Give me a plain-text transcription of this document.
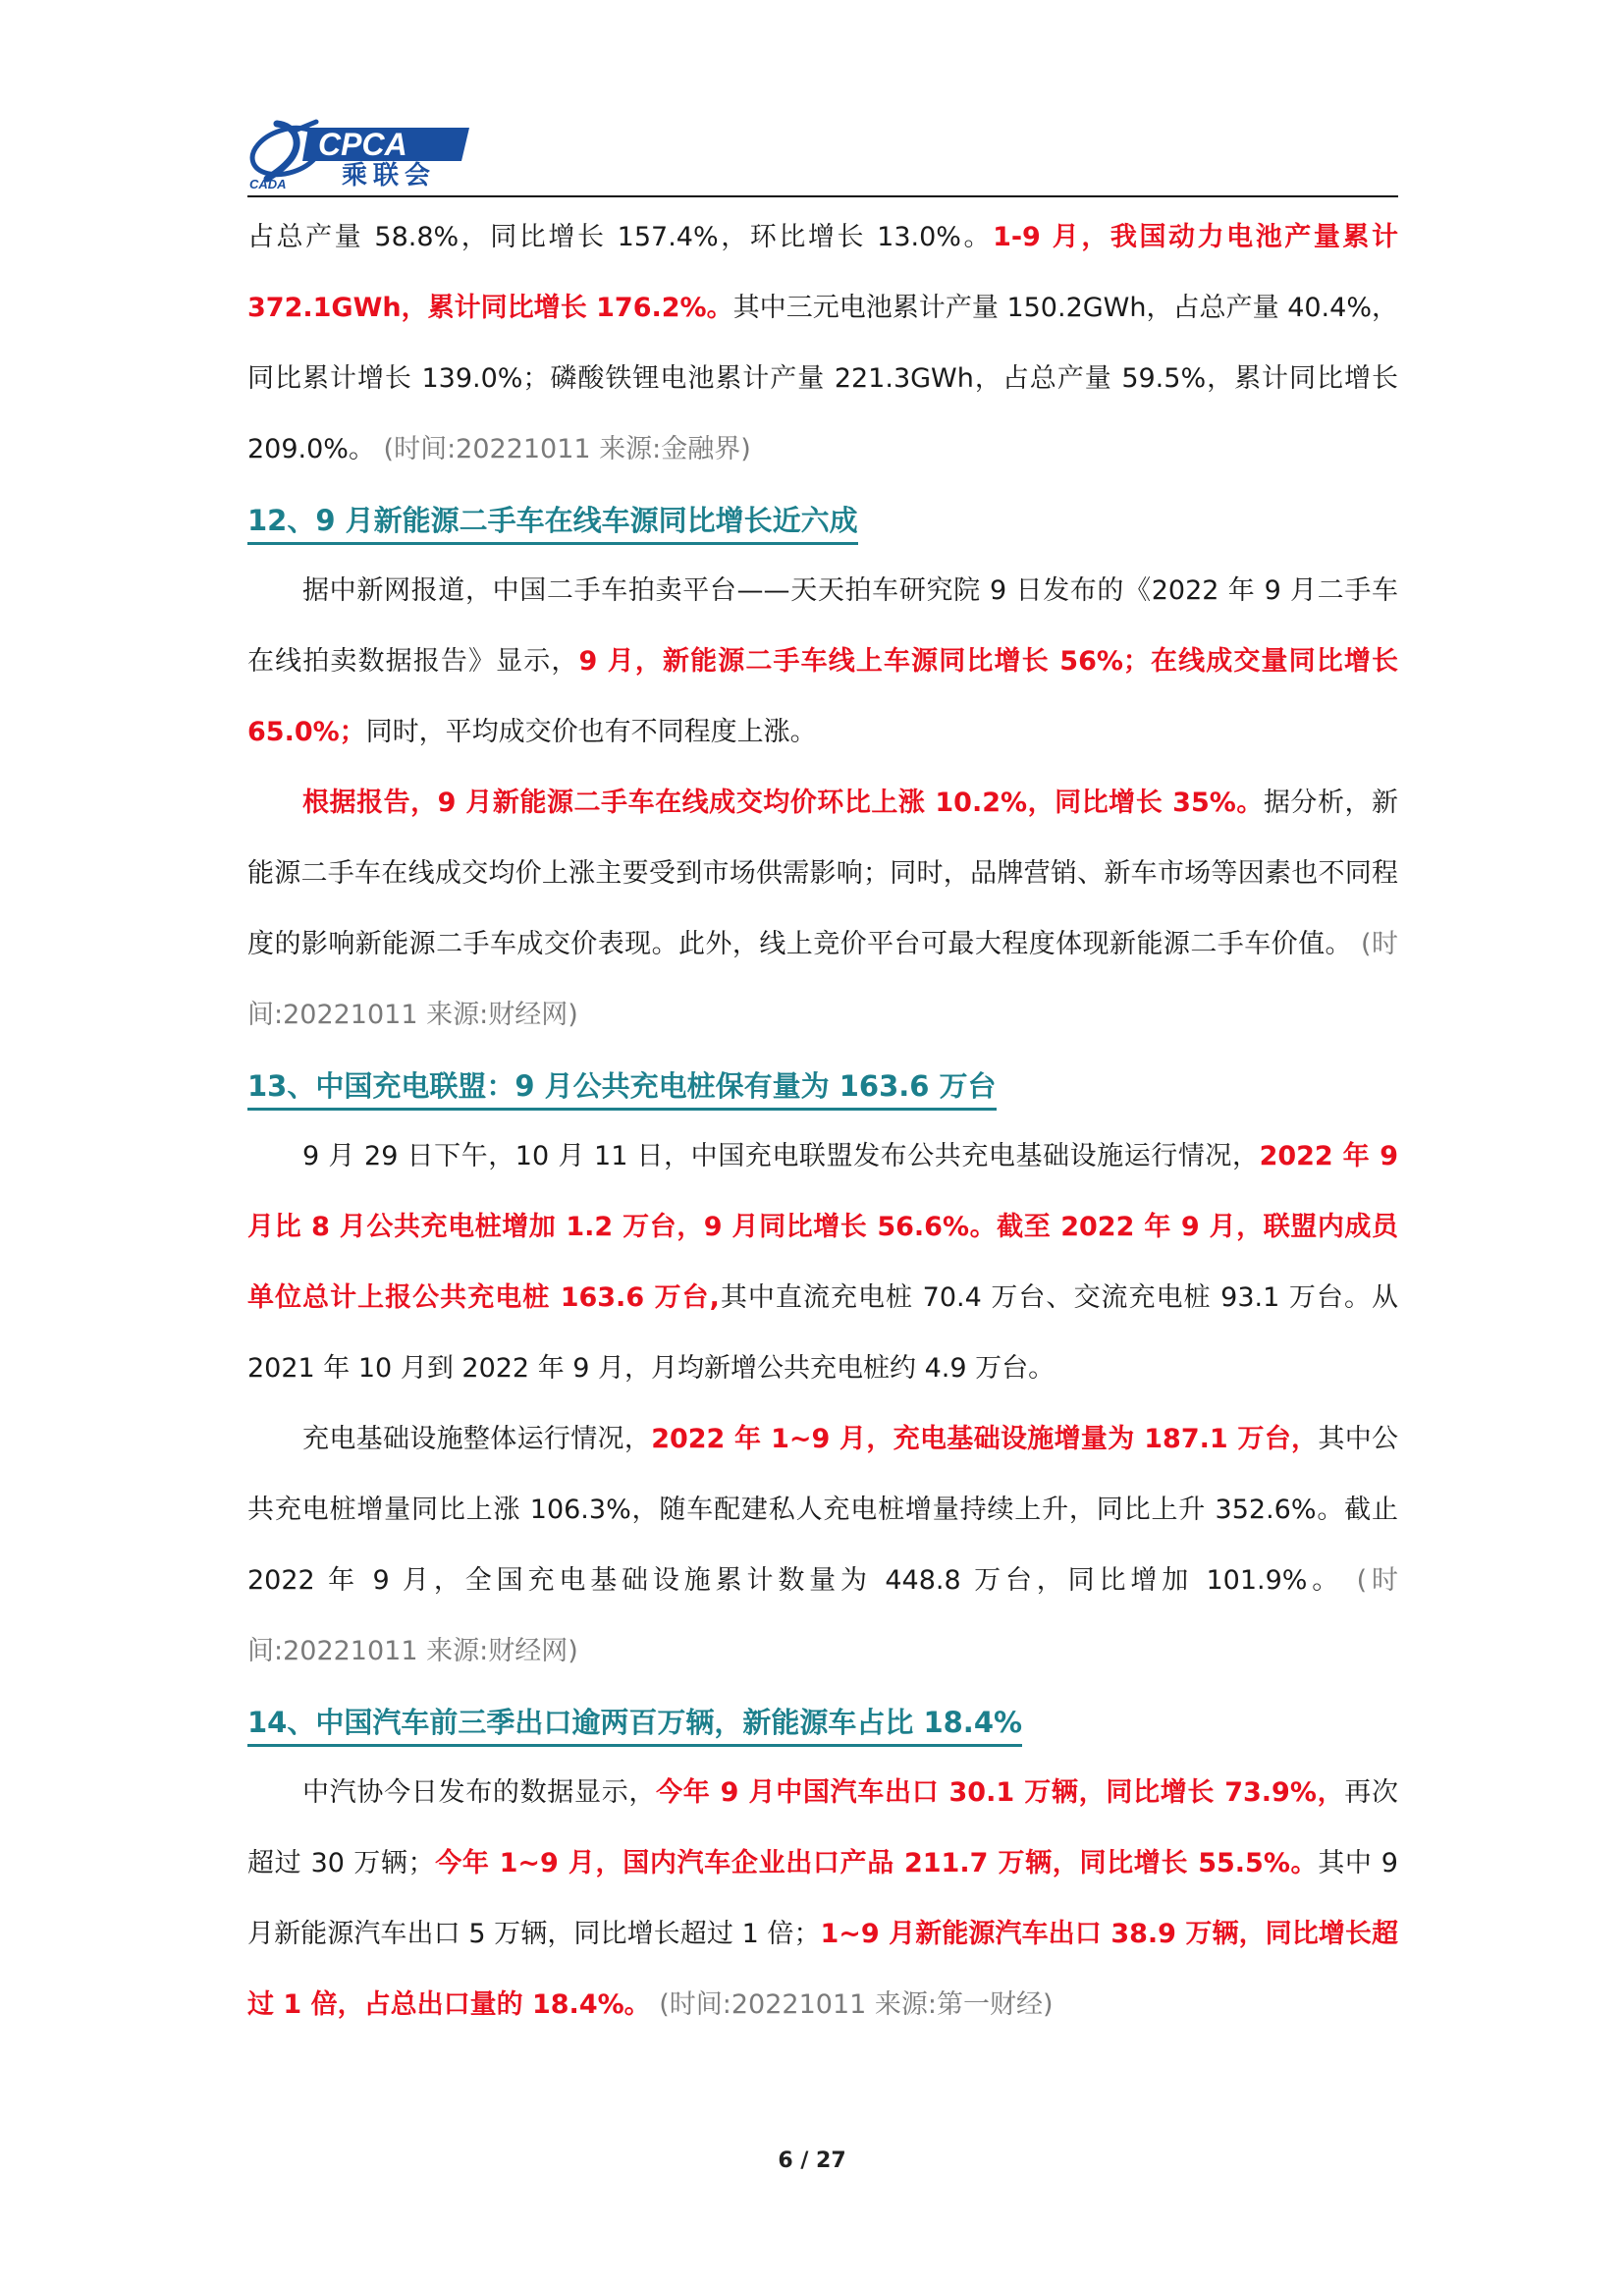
CPCA
CADA 乘联会

占总产量 58.8%，同比增长 157.4%，环比增长 13.0%。1-9 月，我国动力电池产量累计 372.1GWh，累计同比增长 176.2%。其中三元电池累计产量 150.2GWh，占总产量 40.4%，同比累计增长 139.0%；磷酸铁锂电池累计产量 221.3GWh，占总产量 59.5%，累计同比增长 209.0%。 (时间:20221011 来源:金融界)

12、9 月新能源二手车在线车源同比增长近六成

据中新网报道，中国二手车拍卖平台——天天拍车研究院 9 日发布的《2022 年 9 月二手车在线拍卖数据报告》显示，9 月，新能源二手车线上车源同比增长 56%；在线成交量同比增长 65.0%；同时，平均成交价也有不同程度上涨。

根据报告，9 月新能源二手车在线成交均价环比上涨 10.2%，同比增长 35%。据分析，新能源二手车在线成交均价上涨主要受到市场供需影响；同时，品牌营销、新车市场等因素也不同程度的影响新能源二手车成交价表现。此外，线上竞价平台可最大程度体现新能源二手车价值。 (时间:20221011 来源:财经网)

13、中国充电联盟：9 月公共充电桩保有量为 163.6 万台

9 月 29 日下午，10 月 11 日，中国充电联盟发布公共充电基础设施运行情况，2022 年 9 月比 8 月公共充电桩增加 1.2 万台，9 月同比增长 56.6%。截至 2022 年 9 月，联盟内成员单位总计上报公共充电桩 163.6 万台,其中直流充电桩 70.4 万台、交流充电桩 93.1 万台。从 2021 年 10 月到 2022 年 9 月，月均新增公共充电桩约 4.9 万台。

充电基础设施整体运行情况，2022 年 1~9 月，充电基础设施增量为 187.1 万台，其中公共充电桩增量同比上涨 106.3%，随车配建私人充电桩增量持续上升，同比上升 352.6%。截止 2022 年 9 月，全国充电基础设施累计数量为 448.8 万台，同比增加 101.9%。 (时间:20221011 来源:财经网)

14、中国汽车前三季出口逾两百万辆，新能源车占比 18.4%

中汽协今日发布的数据显示，今年 9 月中国汽车出口 30.1 万辆，同比增长 73.9%，再次超过 30 万辆；今年 1~9 月，国内汽车企业出口产品 211.7 万辆，同比增长 55.5%。其中 9 月新能源汽车出口 5 万辆，同比增长超过 1 倍；1~9 月新能源汽车出口 38.9 万辆，同比增长超过 1 倍，占总出口量的 18.4%。 (时间:20221011 来源:第一财经)

6 / 27
